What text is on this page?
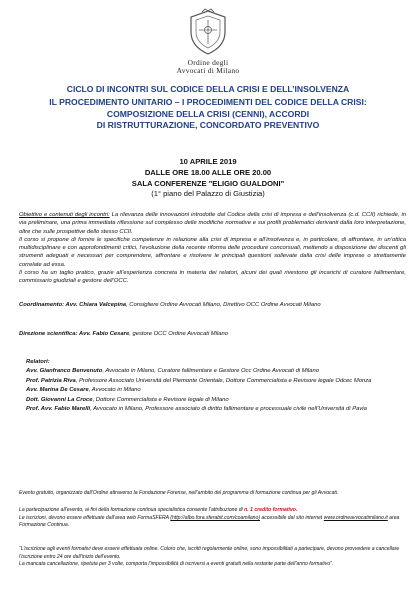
Ordine degli
Avvocati di Milano
CICLO DI INCONTRI SUL CODICE DELLA CRISI E DELL’INSOLVENZA
IL PROCEDIMENTO UNITARIO – I PROCEDIMENTI DEL CODICE DELLA CRISI:
COMPOSIZIONE DELLA CRISI (CENNI), ACCORDI
DI RISTRUTTURAZIONE, CONCORDATO PREVENTIVO
10 APRILE 2019
DALLE ORE 18.00 ALLE ORE 20.00
SALA CONFERENZE "ELIGIO GUALDONI"
(1° piano del Palazzo di Giustizia)

Obiettivo e contenuti degli incontri: La rilevanza delle innovazioni introdotte dal Codice della crisi di impresa e dell’insolvenza (c.d. CCII) richiede, in via preliminare, una prima immediata riflessione sul complesso delle modifiche normative e sui profili problematici derivanti dalla loro interpretazione, oltre che sulle prospettive dello stesso CCII.

Il corso si propone di fornire le specifiche competenze in relazione alla crisi di impresa e all’insolvenza e, in particolare, di affrontare, in un’ottica multidisciplinare e con approfondimenti critici, l’evoluzione della recente riforma delle procedure concorsuali, mettendo a disposizione dei discenti gli strumenti adeguati e necessari per comprendere, affrontare e risolvere le principali questioni sollevate dalla crisi delle imprese o strettamente correlate ad essa.

Il corso ha un taglio pratico, grazie all’esperienza concreta in materia dei relatori, alcuni dei quali rivestono gli incarichi di curatore fallimentare, commissario giudiziali e gestore dell’OCC.

Coordinamento: Avv. Chiara Valcepina, Consigliere Ordine Avvocati Milano, Direttivo OCC Ordine Avvocati Milano

Direzione scientifica: Avv. Fabio Cesare, gestore OCC Ordine Avvocati Milano

Relatori:

Avv. Gianfranco Benvenuto, Avvocato in Milano, Curatore fallimentare e Gestore Occ Ordine Avvocati di Milano

Prof. Patrizia Riva, Professore Associato Università del Piemonte Orientale, Dottore Commercialista e Revisore legale Odcec Monza

Avv. Marina De Cesare, Avvocato in Milano

Dott. Giovanni La Croce, Dottore Commercialista e Revisore legale di Milano

Prof. Avv. Fabio Marelli, Avvocato in Milano, Professore associato di diritto fallimentare e processuale civile nell’Università di Pavia

Evento gratuito, organizzato dall’Ordine attraverso la Fondazione Forense, nell’ambito del programma di formazione continua per gli Avvocati.

La partecipazione all’evento, ai fini della formazione continua specialistica consente l’attribuzione di n. 1 credito formativo.

Le iscrizioni, devono essere effettuate dall’area web FormaSFERA (http://albo.fora.sferabit.com/coamilano) accessibile dal sito internet www.ordineavvocatimilano.it area Formazione Continua.

“L’iscrizione agli eventi formativi deve essere effettuata online. Coloro che, iscritti regolarmente online, sono impossibilitati a partecipare, devono provvedere a cancellare l’iscrizione entro 24 ore dall’inizio dell’evento.

La mancata cancellazione, ripetuta per 3 volte, comporta l’impossibilità di iscriversi a eventi gratuiti nella restante parte dell’anno formativo”.
